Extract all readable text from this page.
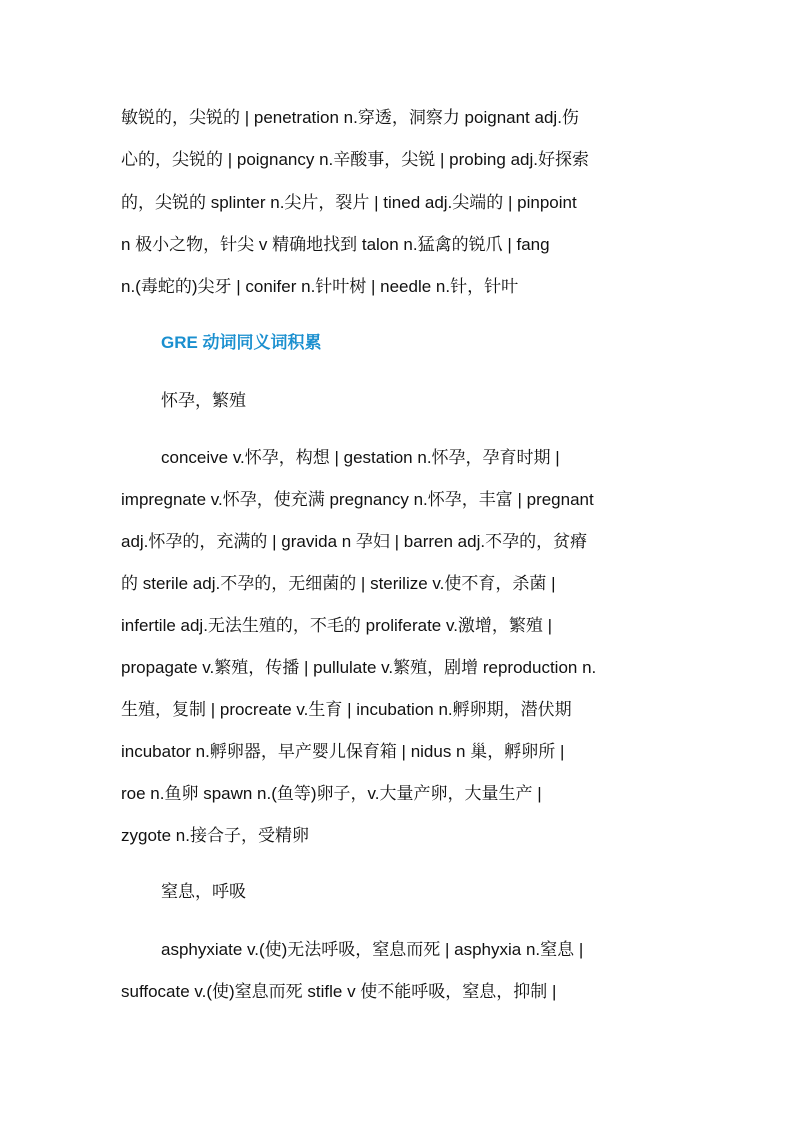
敏锐的，尖锐的 | penetration n.穿透，洞察力 poignant adj.伤
心的，尖锐的 | poignancy n.辛酸事，尖锐 | probing adj.好探索
的，尖锐的 splinter n.尖片，裂片 | tined adj.尖端的 | pinpoint
n 极小之物，针尖 v 精确地找到 talon n.猛禽的锐爪 | fang
n.(毒蛇的)尖牙 | conifer n.针叶树 | needle n.针，针叶
GRE 动词同义词积累
怀孕，繁殖
conceive v.怀孕，构想 | gestation n.怀孕，孕育时期 |
impregnate v.怀孕，使充满 pregnancy n.怀孕，丰富 | pregnant
adj.怀孕的，充满的 | gravida n 孕妇 | barren adj.不孕的，贫瘠
的 sterile adj.不孕的，无细菌的 | sterilize v.使不育，杀菌 |
infertile adj.无法生殖的，不毛的 proliferate v.激增，繁殖 |
propagate v.繁殖，传播 | pullulate v.繁殖，剧增 reproduction n.
生殖，复制 | procreate v.生育 | incubation n.孵卵期，潜伏期
incubator n.孵卵器，早产婴儿保育箱 | nidus n 巢，孵卵所 |
roe n.鱼卵 spawn n.(鱼等)卵子，v.大量产卵，大量生产 |
zygote n.接合子，受精卵
窒息，呼吸
asphyxiate v.(使)无法呼吸，窒息而死 | asphyxia n.窒息 |
suffocate v.(使)窒息而死 stifle v 使不能呼吸，窒息，抑制 |
